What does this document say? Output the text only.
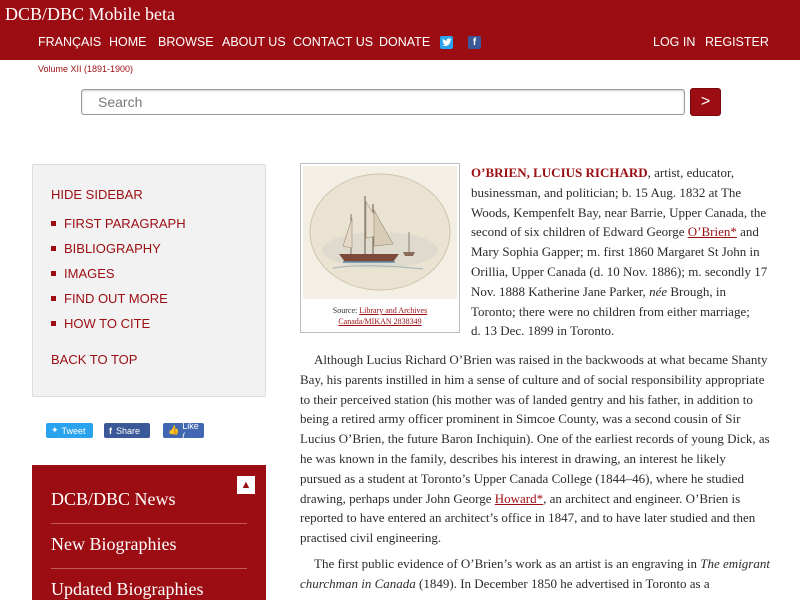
DCB/DBC Mobile beta
FRANÇAIS HOME BROWSE ABOUT US CONTACT US DONATE	LOG IN REGISTER
f
Volume XII (1891-1900)
Search	>
HIDE SIDEBAR
FIRST PARAGRAPH
BIBLIOGRAPHY
IMAGES
FIND OUT MORE
HOW TO CITE
BACK TO TOP
✦ Tweet	f Share	👍 Like (
▲
DCB/DBC News
New Biographies
Updated Biographies
Source: Library and Archives
Canada/MIKAN 2838349
O’BRIEN, LUCIUS RICHARD, artist, educator, businessman, and politician; b. 15 Aug. 1832 at The Woods, Kempenfelt Bay, near Barrie, Upper Canada, the second of six children of Edward George O’Brien* and Mary Sophia Gapper; m. first 1860 Margaret St John in Orillia, Upper Canada (d. 10 Nov. 1886); m. secondly 17 Nov. 1888 Katherine Jane Parker, née Brough, in Toronto; there were no children from either marriage;
d. 13 Dec. 1899 in Toronto.
Although Lucius Richard O’Brien was raised in the backwoods at what became Shanty Bay, his parents instilled in him a sense of culture and of social responsibility appropriate to their perceived station (his mother was of landed gentry and his father, in addition to being a retired army officer prominent in Simcoe County, was a second cousin of Sir Lucius O’Brien, the future Baron Inchiquin). One of the earliest records of young Dick, as he was known in the family, describes his interest in drawing, an interest he likely pursued as a student at Toronto’s Upper Canada College (1844–46), where he studied drawing, perhaps under John George Howard*, an architect and engineer. O’Brien is reported to have entered an architect’s office in 1847, and to have later studied and then practised civil engineering.
The first public evidence of O’Brien’s work as an artist is an engraving in The emigrant churchman in Canada (1849). In December 1850 he advertised in Toronto as a
